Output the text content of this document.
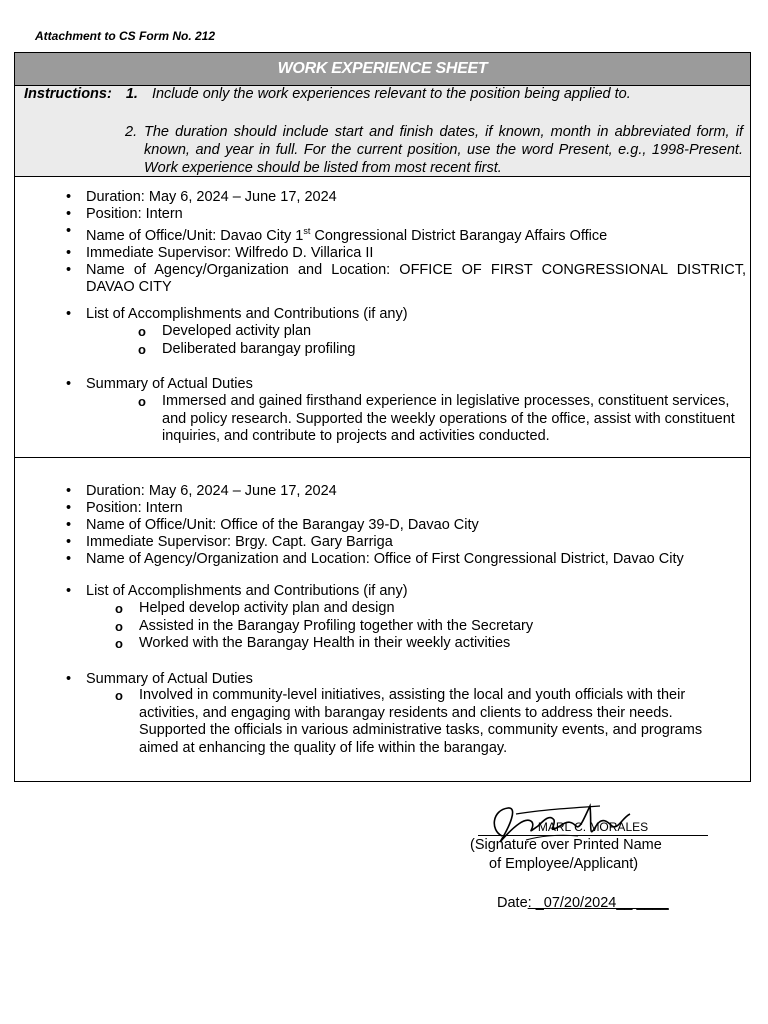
Attachment to CS Form No. 212
WORK EXPERIENCE SHEET
Instructions: 1. Include only the work experiences relevant to the position being applied to.
2. The duration should include start and finish dates, if known, month in abbreviated form, if known, and year in full. For the current position, use the word Present, e.g., 1998-Present. Work experience should be listed from most recent first.
• Duration: May 6, 2024 – June 17, 2024
• Position: Intern
• Name of Office/Unit: Davao City 1st Congressional District Barangay Affairs Office
• Immediate Supervisor: Wilfredo D. Villarica II
• Name of Agency/Organization and Location: OFFICE OF FIRST CONGRESSIONAL DISTRICT, DAVAO CITY
• List of Accomplishments and Contributions (if any)
o Developed activity plan
o Deliberated barangay profiling
• Summary of Actual Duties
o Immersed and gained firsthand experience in legislative processes, constituent services, and policy research. Supported the weekly operations of the office, assist with constituent inquiries, and contribute to projects and activities conducted.
• Duration: May 6, 2024 – June 17, 2024
• Position: Intern
• Name of Office/Unit: Office of the Barangay 39-D, Davao City
• Immediate Supervisor: Brgy. Capt. Gary Barriga
• Name of Agency/Organization and Location: Office of First Congressional District, Davao City
• List of Accomplishments and Contributions (if any)
o Helped develop activity plan and design
o Assisted in the Barangay Profiling together with the Secretary
o Worked with the Barangay Health in their weekly activities
• Summary of Actual Duties
o Involved in community-level initiatives, assisting the local and youth officials with their activities, and engaging with barangay residents and clients to address their needs. Supported the officials in various administrative tasks, community events, and programs aimed at enhancing the quality of life within the barangay.
MARL C. MORALES
(Signature over Printed Name
of Employee/Applicant)
Date: _07/20/2024__ ____
